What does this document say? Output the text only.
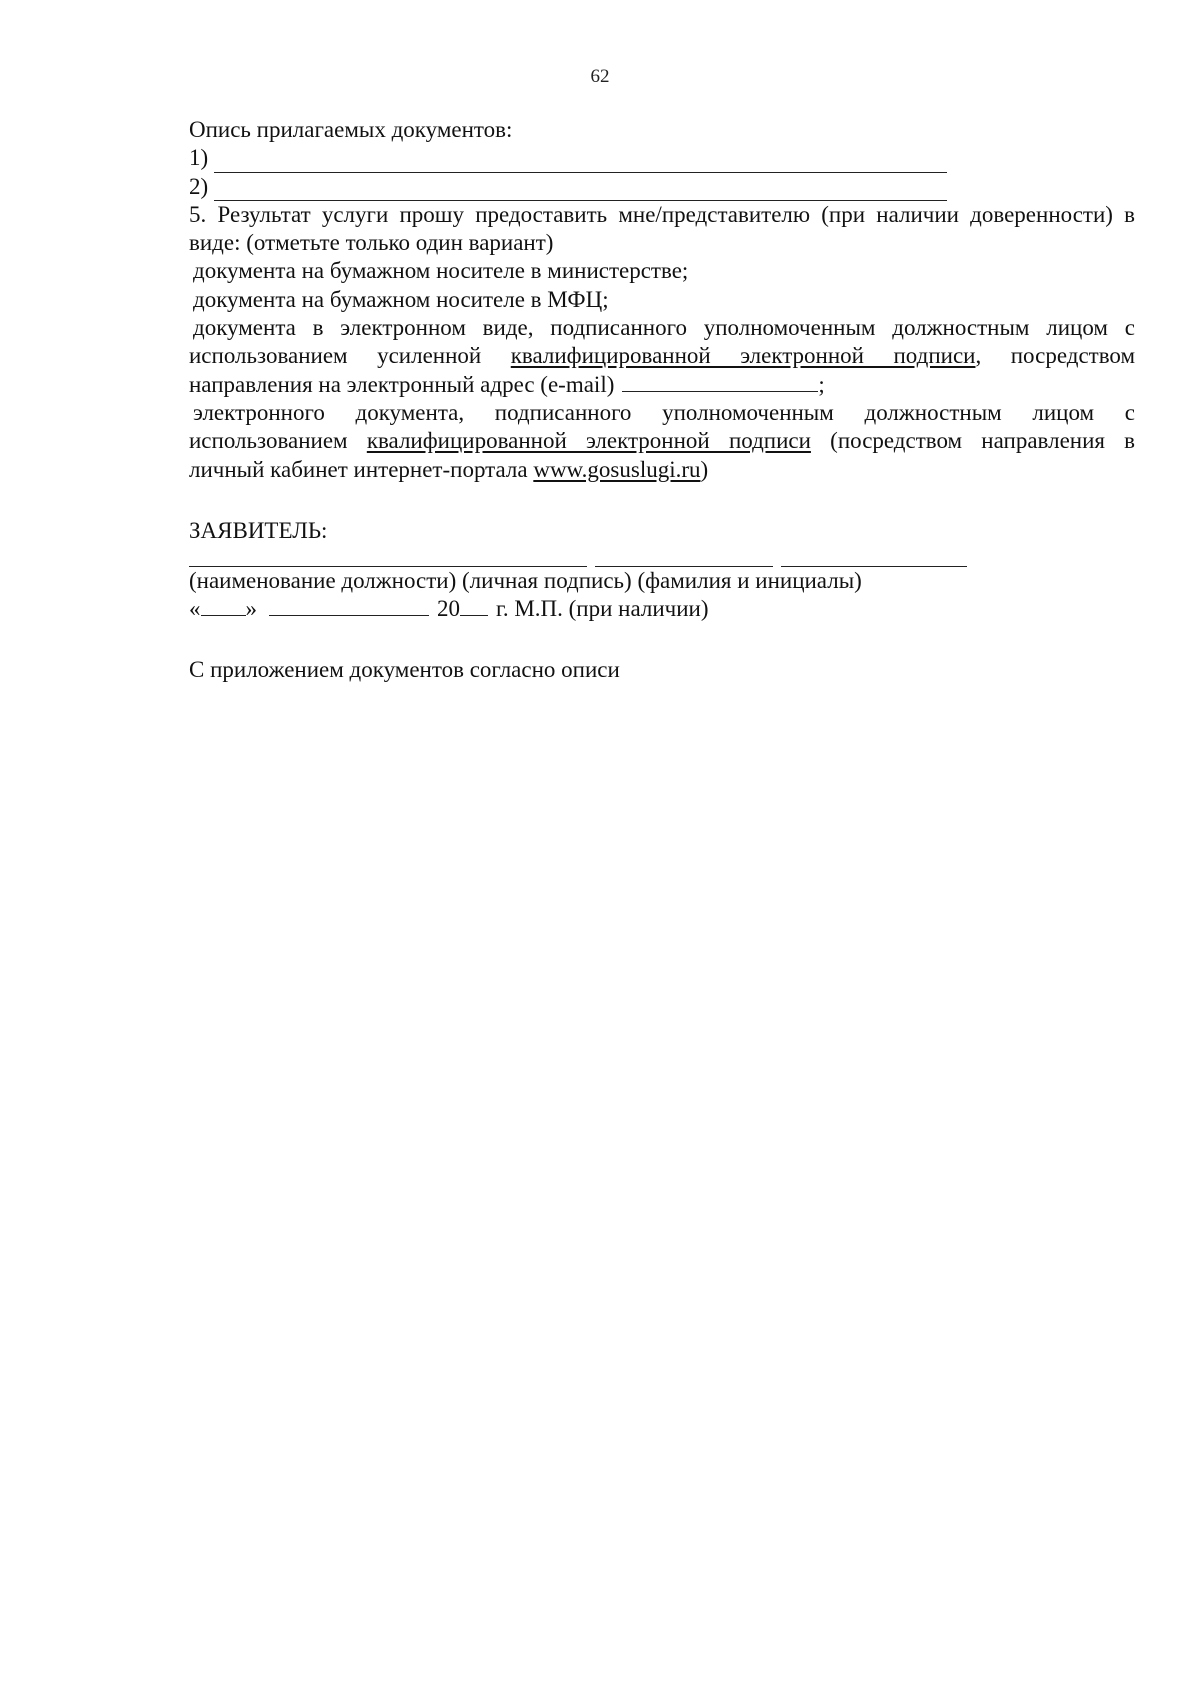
62

Опись прилагаемых документов:

1)

2)

5. Результат услуги прошу предоставить мне/представителю (при наличии доверенности) в

виде: (отметьте только один вариант)

документа на бумажном носителе в министерстве;

документа на бумажном носителе в МФЦ;

документа в электронном виде, подписанного уполномоченным должностным лицом с использованием усиленной квалифицированной электронной подписи, посредством направления на электронный адрес (e-mail)	;

электронного документа, подписанного уполномоченным должностным лицом с использованием квалифицированной электронной подписи (посредством направления в личный кабинет интернет-портала www.gosuslugi.ru)

ЗАЯВИТЕЛЬ:

(наименование должности) (личная подпись) (фамилия и инициалы)

« »	20 г. М.П. (при наличии)

С приложением документов согласно описи
